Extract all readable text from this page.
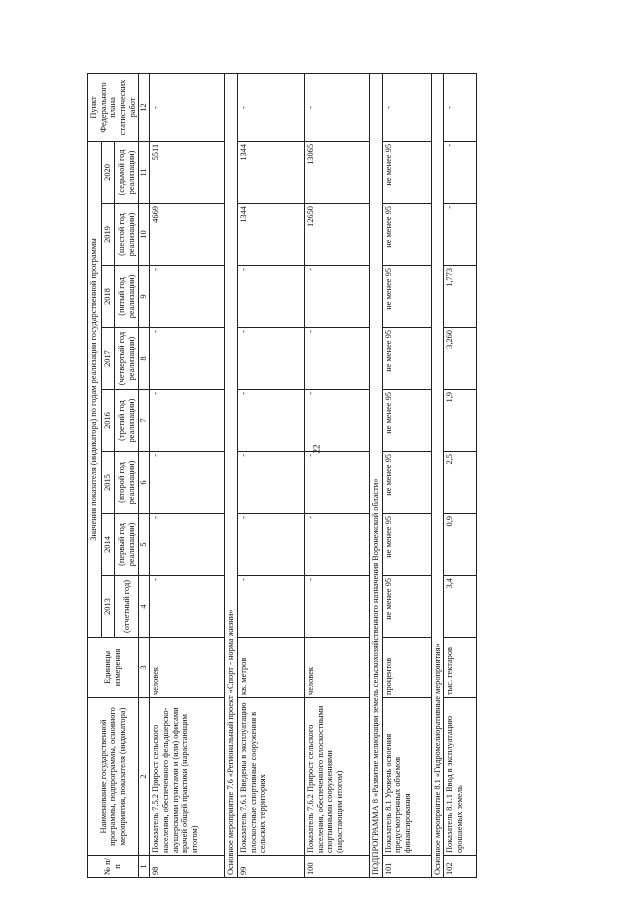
22
№ п/п	Наименование государственной программы, подпрограммы, основного мероприятия, показателя (индикатора)	Единицы измерения	Значения показателя (индикатора) по годам реализации государственной программы								Пункт Федерального плана статистических работ
			2013	2014	2015	2016	2017	2018	2019	2020	
			(отчетный год)	(первый год реализации)	(второй год реализации)	(третий год реализации)	(четвертый год реализации)	(пятый год реализации)	(шестой год реализации)	(седьмой год реализации)	
1	2	3	4	5	6	7	8	9	10	11	12
98	Показатель 7.5.2 Прирост сельского населения, обеспеченного фельдшерско-акушерскими пунктами и (или) офисами врачей общей практики (нарастающим итогом)	человек	-	-	-	-	-	-	4669	5511	-
Основное мероприятие 7.6 «Региональный проект «Спорт - норма жизни»											
99	Показатель 7.6.1 Введены в эксплуатацию плоскостные спортивные сооружения в сельских территориях	кв. метров	-	-	-	-	-	-	1344	1344	-
100	Показатель 7.6.2 Прирост сельского населения, обеспеченного плоскостными спортивными сооружениями (нарастающим итогом)	человек	-	-	-	-	-	-	12650	13065	-
ПОДПРОГРАММА 8 «Развитие мелиорации земель сельскохозяйственного назначения Воронежской области»											
101	Показатель 8.1 Уровень освоения предусмотренных объемов финансирования	процентов	не менее 95	не менее 95	не менее 95	не менее 95	не менее 95	не менее 95	не менее 95	не менее 95	-
Основное мероприятие 8.1 «Гидромелиоративные мероприятия»											
102	Показатель 8.1.1 Ввод в эксплуатацию орошаемых земель	тыс. гектаров	3,4	0,9	2,5	1,9	3,260	1,773	-	-	-
